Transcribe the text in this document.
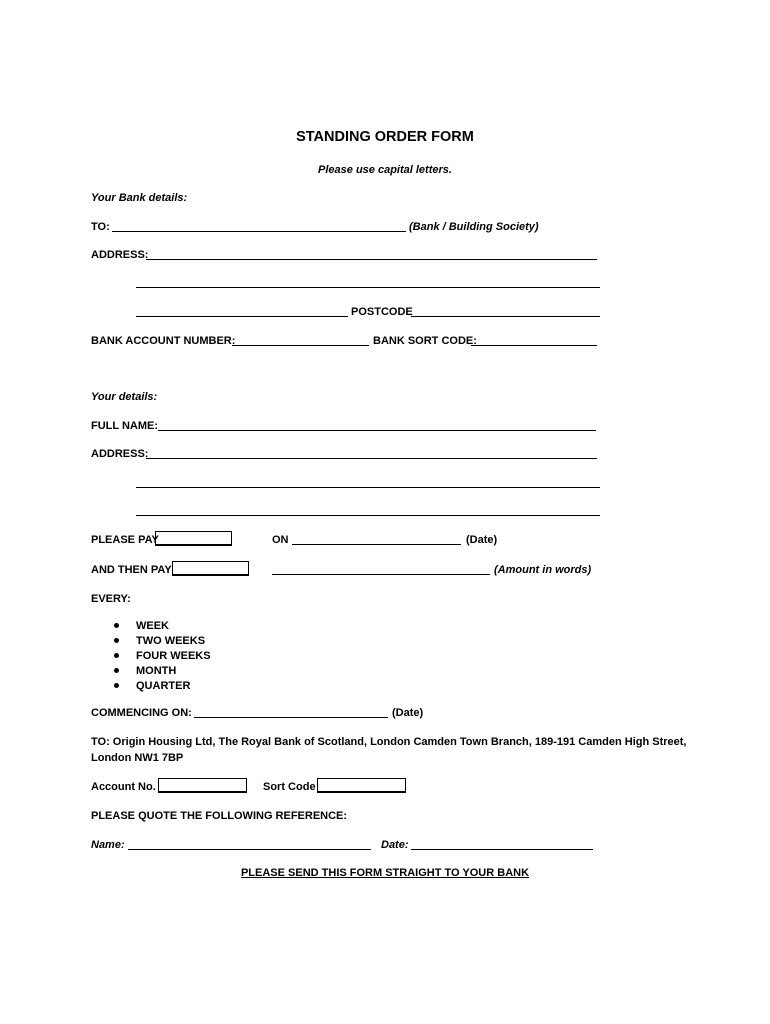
STANDING ORDER FORM
Please use capital letters.
Your Bank details:
TO:	(Bank / Building Society)
ADDRESS:
POSTCODE
BANK ACCOUNT NUMBER:	BANK SORT CODE:
Your details:
FULL NAME:
ADDRESS:
PLEASE PAY	ON	(Date)
AND THEN PAY	(Amount in words)
EVERY:
WEEK
TWO WEEKS
FOUR WEEKS
MONTH
QUARTER
COMMENCING ON:	(Date)
TO: Origin Housing Ltd, The Royal Bank of Scotland, London Camden Town Branch, 189-191 Camden High Street,
London NW1 7BP
Account No.	Sort Code
PLEASE QUOTE THE FOLLOWING REFERENCE:
Name:	Date:
PLEASE SEND THIS FORM STRAIGHT TO YOUR BANK
